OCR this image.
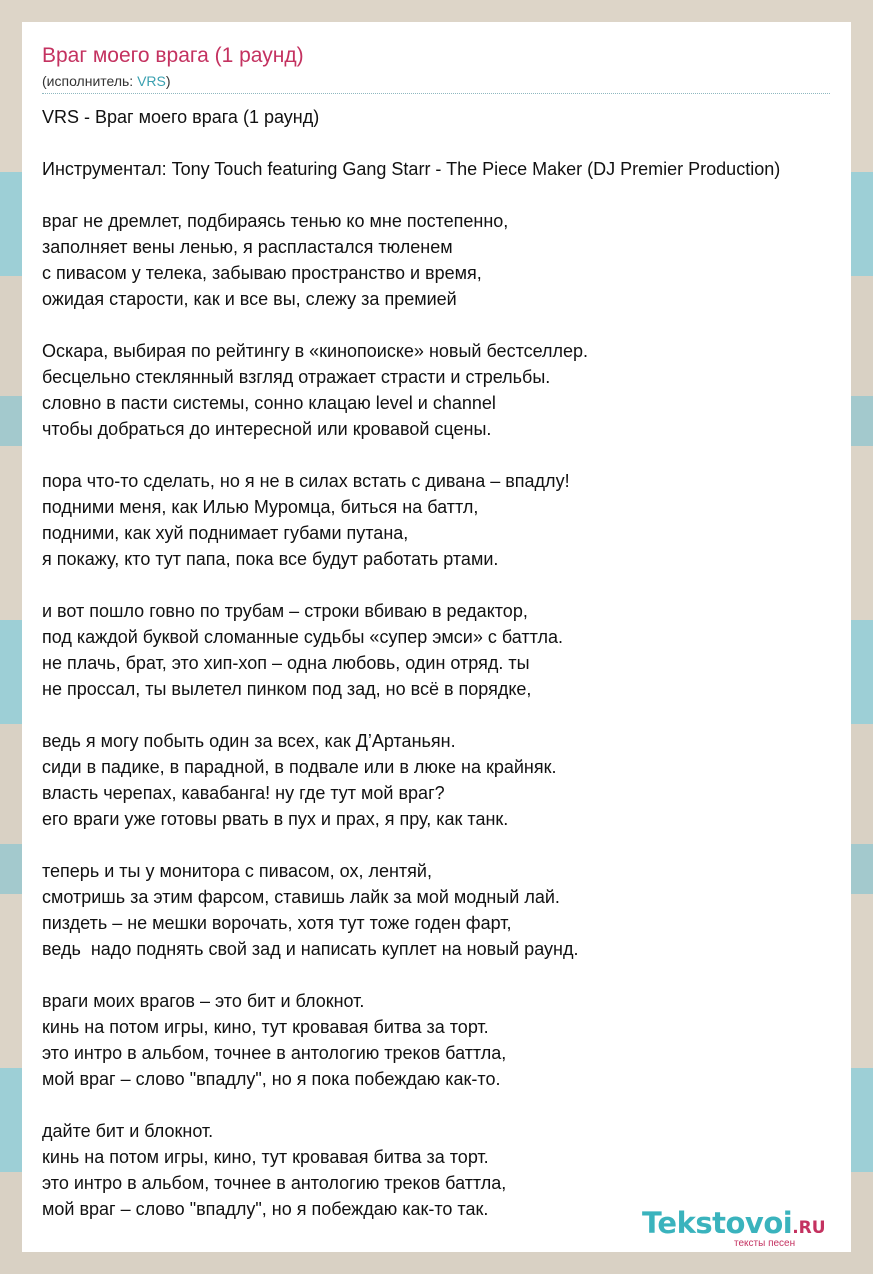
Враг моего врага (1 раунд)
(исполнитель: VRS)
VRS - Враг моего врага (1 раунд)
Инструментал: Tony Touch featuring Gang Starr - The Piece Maker (DJ Premier Production)
враг не дремлет, подбираясь тенью ко мне постепенно,
заполняет вены ленью, я распластался тюленем
с пивасом у телека, забываю пространство и время,
ожидая старости, как и все вы, слежу за премией
Оскара, выбирая по рейтингу в «кинопоиске» новый бестселлер.
бесцельно стеклянный взгляд отражает страсти и стрельбы.
словно в пасти системы, сонно клацаю level и channel
чтобы добраться до интересной или кровавой сцены.
пора что-то сделать, но я не в силах встать с дивана – впадлу!
подними меня, как Илью Муромца, биться на баттл,
подними, как хуй поднимает губами путана,
я покажу, кто тут папа, пока все будут работать ртами.
и вот пошло говно по трубам – строки вбиваю в редактор,
под каждой буквой сломанные судьбы «супер эмси» с баттла.
не плачь, брат, это хип-хоп – одна любовь, один отряд. ты
не проссал, ты вылетел пинком под зад, но всё в порядке,
ведь я могу побыть один за всех, как Д’Артаньян.
сиди в падике, в парадной, в подвале или в люке на крайняк.
власть черепах, кавабанга! ну где тут мой враг?
его враги уже готовы рвать в пух и прах, я пру, как танк.
теперь и ты у монитора с пивасом, ох, лентяй,
смотришь за этим фарсом, ставишь лайк за мой модный лай.
пиздеть – не мешки ворочать, хотя тут тоже годен фарт,
ведь  надо поднять свой зад и написать куплет на новый раунд.
враги моих врагов – это бит и блокнот.
кинь на потом игры, кино, тут кровавая битва за торт.
это интро в альбом, точнее в антологию треков баттла,
мой враг – слово "впадлу", но я пока побеждаю как-то.
дайте бит и блокнот.
кинь на потом игры, кино, тут кровавая битва за торт.
это интро в альбом, точнее в антологию треков баттла,
мой враг – слово "впадлу", но я побеждаю как-то так.	Tekstovoi.RU
тексты песен
